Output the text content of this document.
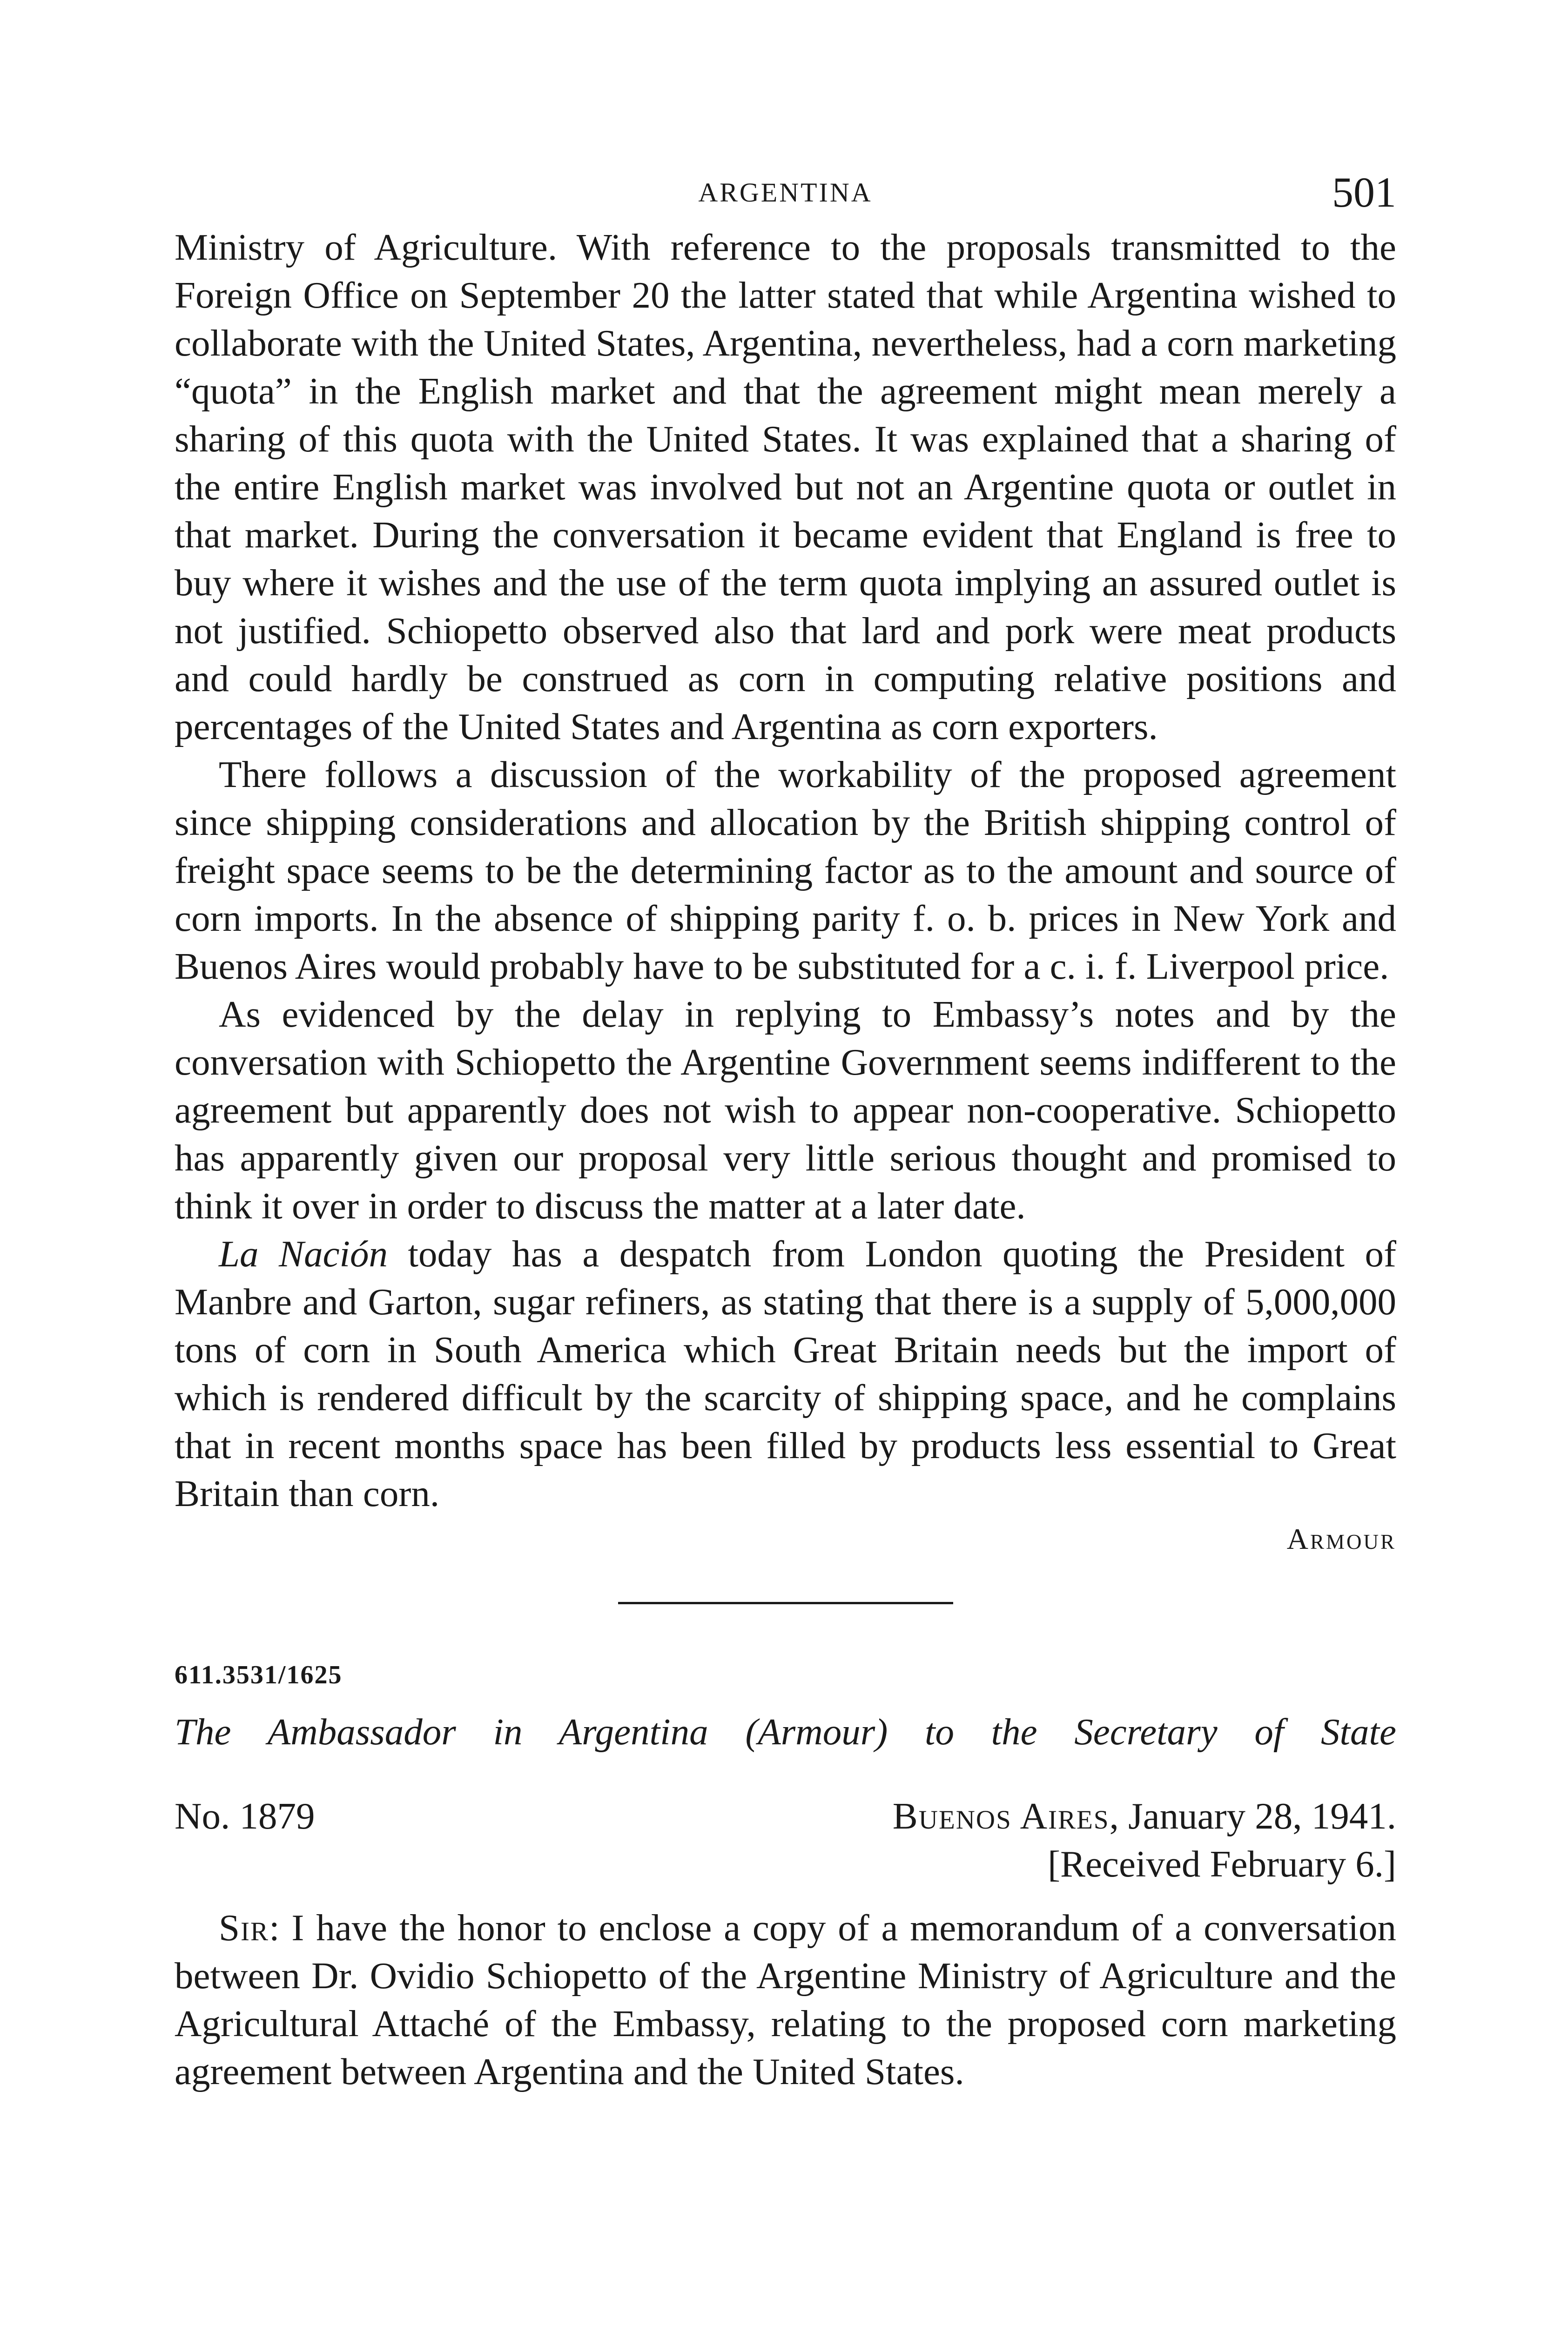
ARGENTINA	501

Ministry of Agriculture. With reference to the proposals transmitted to the Foreign Office on September 20 the latter stated that while Argentina wished to collaborate with the United States, Argentina, nevertheless, had a corn marketing “quota” in the English market and that the agreement might mean merely a sharing of this quota with the United States. It was explained that a sharing of the entire English market was involved but not an Argentine quota or outlet in that market. During the conversation it became evident that England is free to buy where it wishes and the use of the term quota implying an assured outlet is not justified. Schiopetto observed also that lard and pork were meat products and could hardly be construed as corn in computing relative positions and percentages of the United States and Argentina as corn exporters.

There follows a discussion of the workability of the proposed agreement since shipping considerations and allocation by the British shipping control of freight space seems to be the determining factor as to the amount and source of corn imports. In the absence of shipping parity f. o. b. prices in New York and Buenos Aires would probably have to be substituted for a c. i. f. Liverpool price.

As evidenced by the delay in replying to Embassy’s notes and by the conversation with Schiopetto the Argentine Government seems indifferent to the agreement but apparently does not wish to appear non-cooperative. Schiopetto has apparently given our proposal very little serious thought and promised to think it over in order to discuss the matter at a later date.

La Nación today has a despatch from London quoting the President of Manbre and Garton, sugar refiners, as stating that there is a supply of 5,000,000 tons of corn in South America which Great Britain needs but the import of which is rendered difficult by the scarcity of shipping space, and he complains that in recent months space has been filled by products less essential to Great Britain than corn.

Armour
611.3531/1625
The Ambassador in Argentina (Armour) to the Secretary of State
No. 1879	Buenos Aires, January 28, 1941.
[Received February 6.]

Sir: I have the honor to enclose a copy of a memorandum of a conversation between Dr. Ovidio Schiopetto of the Argentine Ministry of Agriculture and the Agricultural Attaché of the Embassy, relating to the proposed corn marketing agreement between Argentina and the United States.
